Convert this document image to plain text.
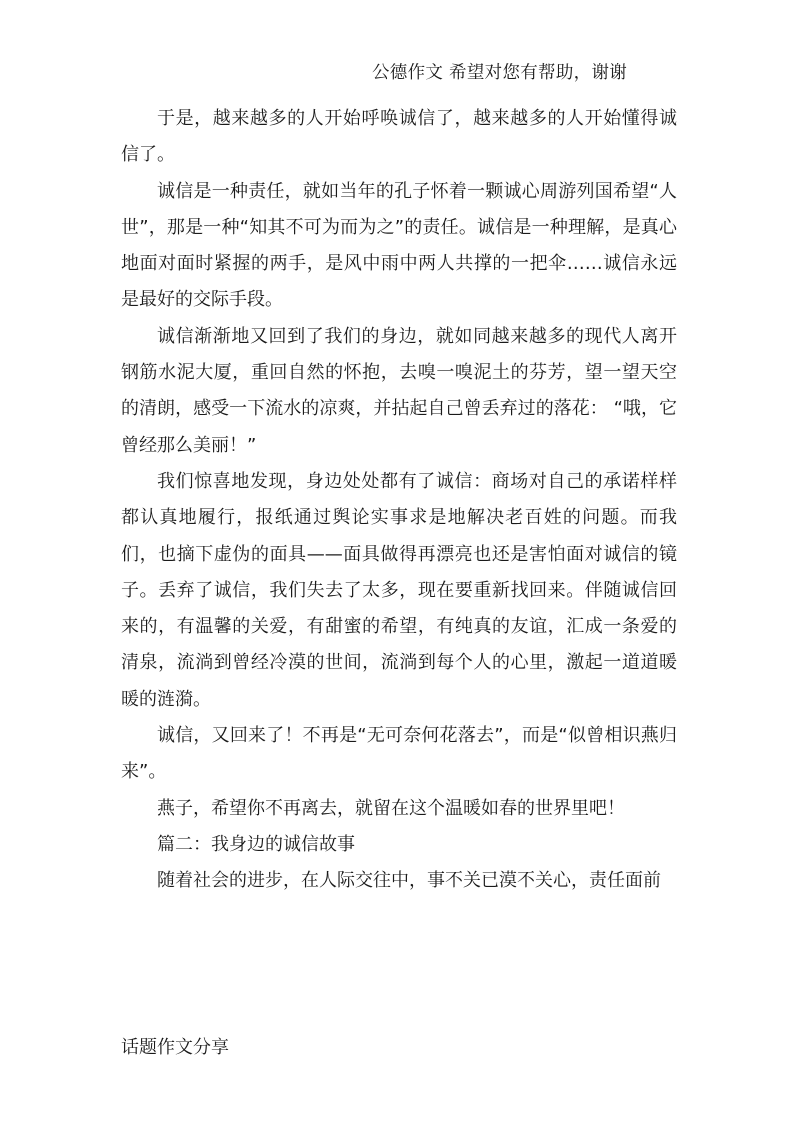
公德作文 希望对您有帮助，谢谢

于是，越来越多的人开始呼唤诚信了，越来越多的人开始懂得诚信了。

诚信是一种责任，就如当年的孔子怀着一颗诚心周游列国希望“人世”，那是一种“知其不可为而为之”的责任。诚信是一种理解，是真心地面对面时紧握的两手，是风中雨中两人共撑的一把伞……诚信永远是最好的交际手段。

诚信渐渐地又回到了我们的身边，就如同越来越多的现代人离开钢筋水泥大厦，重回自然的怀抱，去嗅一嗅泥土的芬芳，望一望天空的清朗，感受一下流水的凉爽，并拈起自己曾丢弃过的落花： “哦，它曾经那么美丽！”

我们惊喜地发现，身边处处都有了诚信：商场对自己的承诺样样都认真地履行，报纸通过舆论实事求是地解决老百姓的问题。而我们，也摘下虚伪的面具——面具做得再漂亮也还是害怕面对诚信的镜子。丢弃了诚信，我们失去了太多，现在要重新找回来。伴随诚信回来的，有温馨的关爱，有甜蜜的希望，有纯真的友谊，汇成一条爱的清泉，流淌到曾经冷漠的世间，流淌到每个人的心里，激起一道道暖暖的涟漪。

诚信，又回来了！不再是“无可奈何花落去”，而是“似曾相识燕归来”。

燕子，希望你不再离去，就留在这个温暖如春的世界里吧！

篇二：我身边的诚信故事

随着社会的进步，在人际交往中，事不关已漠不关心，责任面前

话题作文分享
